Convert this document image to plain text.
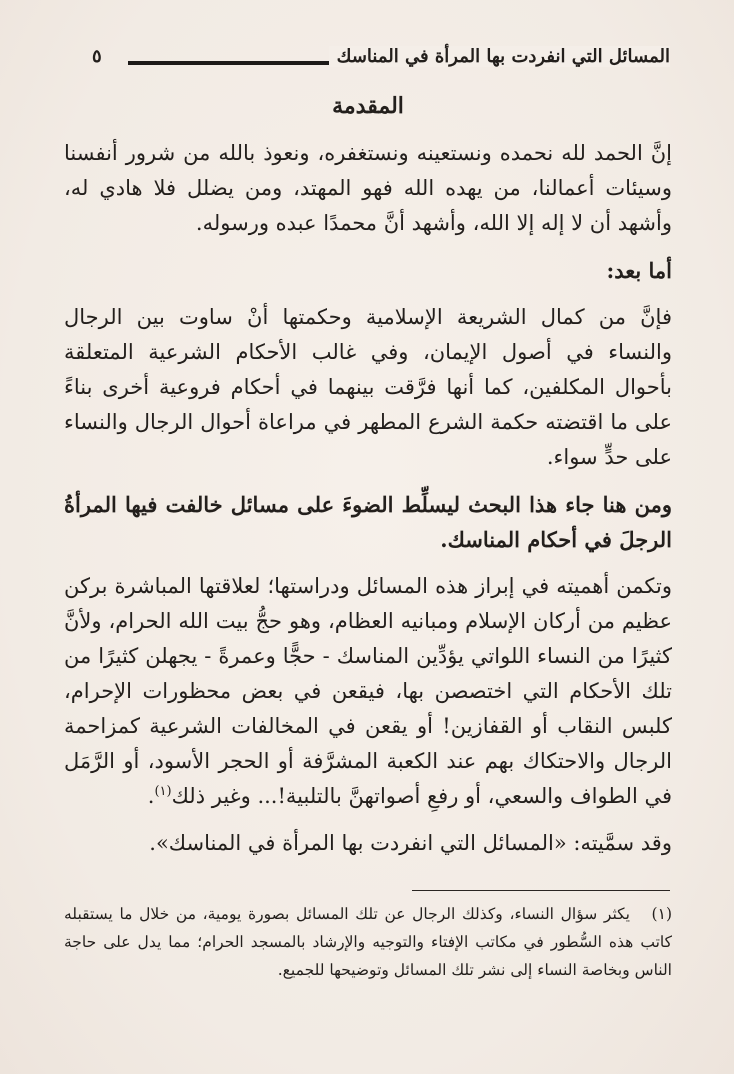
المسائل التي انفردت بها المرأة في المناسك
٥
المقدمة

إنَّ الحمد لله نحمده ونستعينه ونستغفره، ونعوذ بالله من شرور أنفسنا وسيئات أعمالنا، من يهده الله فهو المهتد، ومن يضلل فلا هادي له، وأشهد أن لا إله إلا الله، وأشهد أنَّ محمدًا عبده ورسوله.

أما بعد:

فإنَّ من كمال الشريعة الإسلامية وحكمتها أنْ ساوت بين الرجال والنساء في أصول الإيمان، وفي غالب الأحكام الشرعية المتعلقة بأحوال المكلفين، كما أنها فرَّقت بينهما في أحكام فروعية أخرى بناءً على ما اقتضته حكمة الشرع المطهر في مراعاة أحوال الرجال والنساء على حدٍّ سواء.

ومن هنا جاء هذا البحث ليسلِّط الضوءَ على مسائل خالفت فيها المرأةُ الرجلَ في أحكام المناسك.

وتكمن أهميته في إبراز هذه المسائل ودراستها؛ لعلاقتها المباشرة بركن عظيم من أركان الإسلام ومبانيه العظام، وهو حجُّ بيت الله الحرام، ولأنَّ كثيرًا من النساء اللواتي يؤدِّين المناسك - حجًّا وعمرةً - يجهلن كثيرًا من تلك الأحكام التي اختصصن بها، فيقعن في بعض محظورات الإحرام، كلبس النقاب أو القفازين! أو يقعن في المخالفات الشرعية كمزاحمة الرجال والاحتكاك بهم عند الكعبة المشرَّفة أو الحجر الأسود، أو الرَّمَل في الطواف والسعي، أو رفعِ أصواتهنَّ بالتلبية!... وغير ذلك$^{(١)}$.

وقد سمَّيته: «المسائل التي انفردت بها المرأة في المناسك».

(١)يكثر سؤال النساء، وكذلك الرجال عن تلك المسائل بصورة يومية، من خلال ما يستقبله كاتب هذه السُّطور في مكاتب الإفتاء والتوجيه والإرشاد بالمسجد الحرام؛ مما يدل على حاجة الناس وبخاصة النساء إلى نشر تلك المسائل وتوضيحها للجميع.
